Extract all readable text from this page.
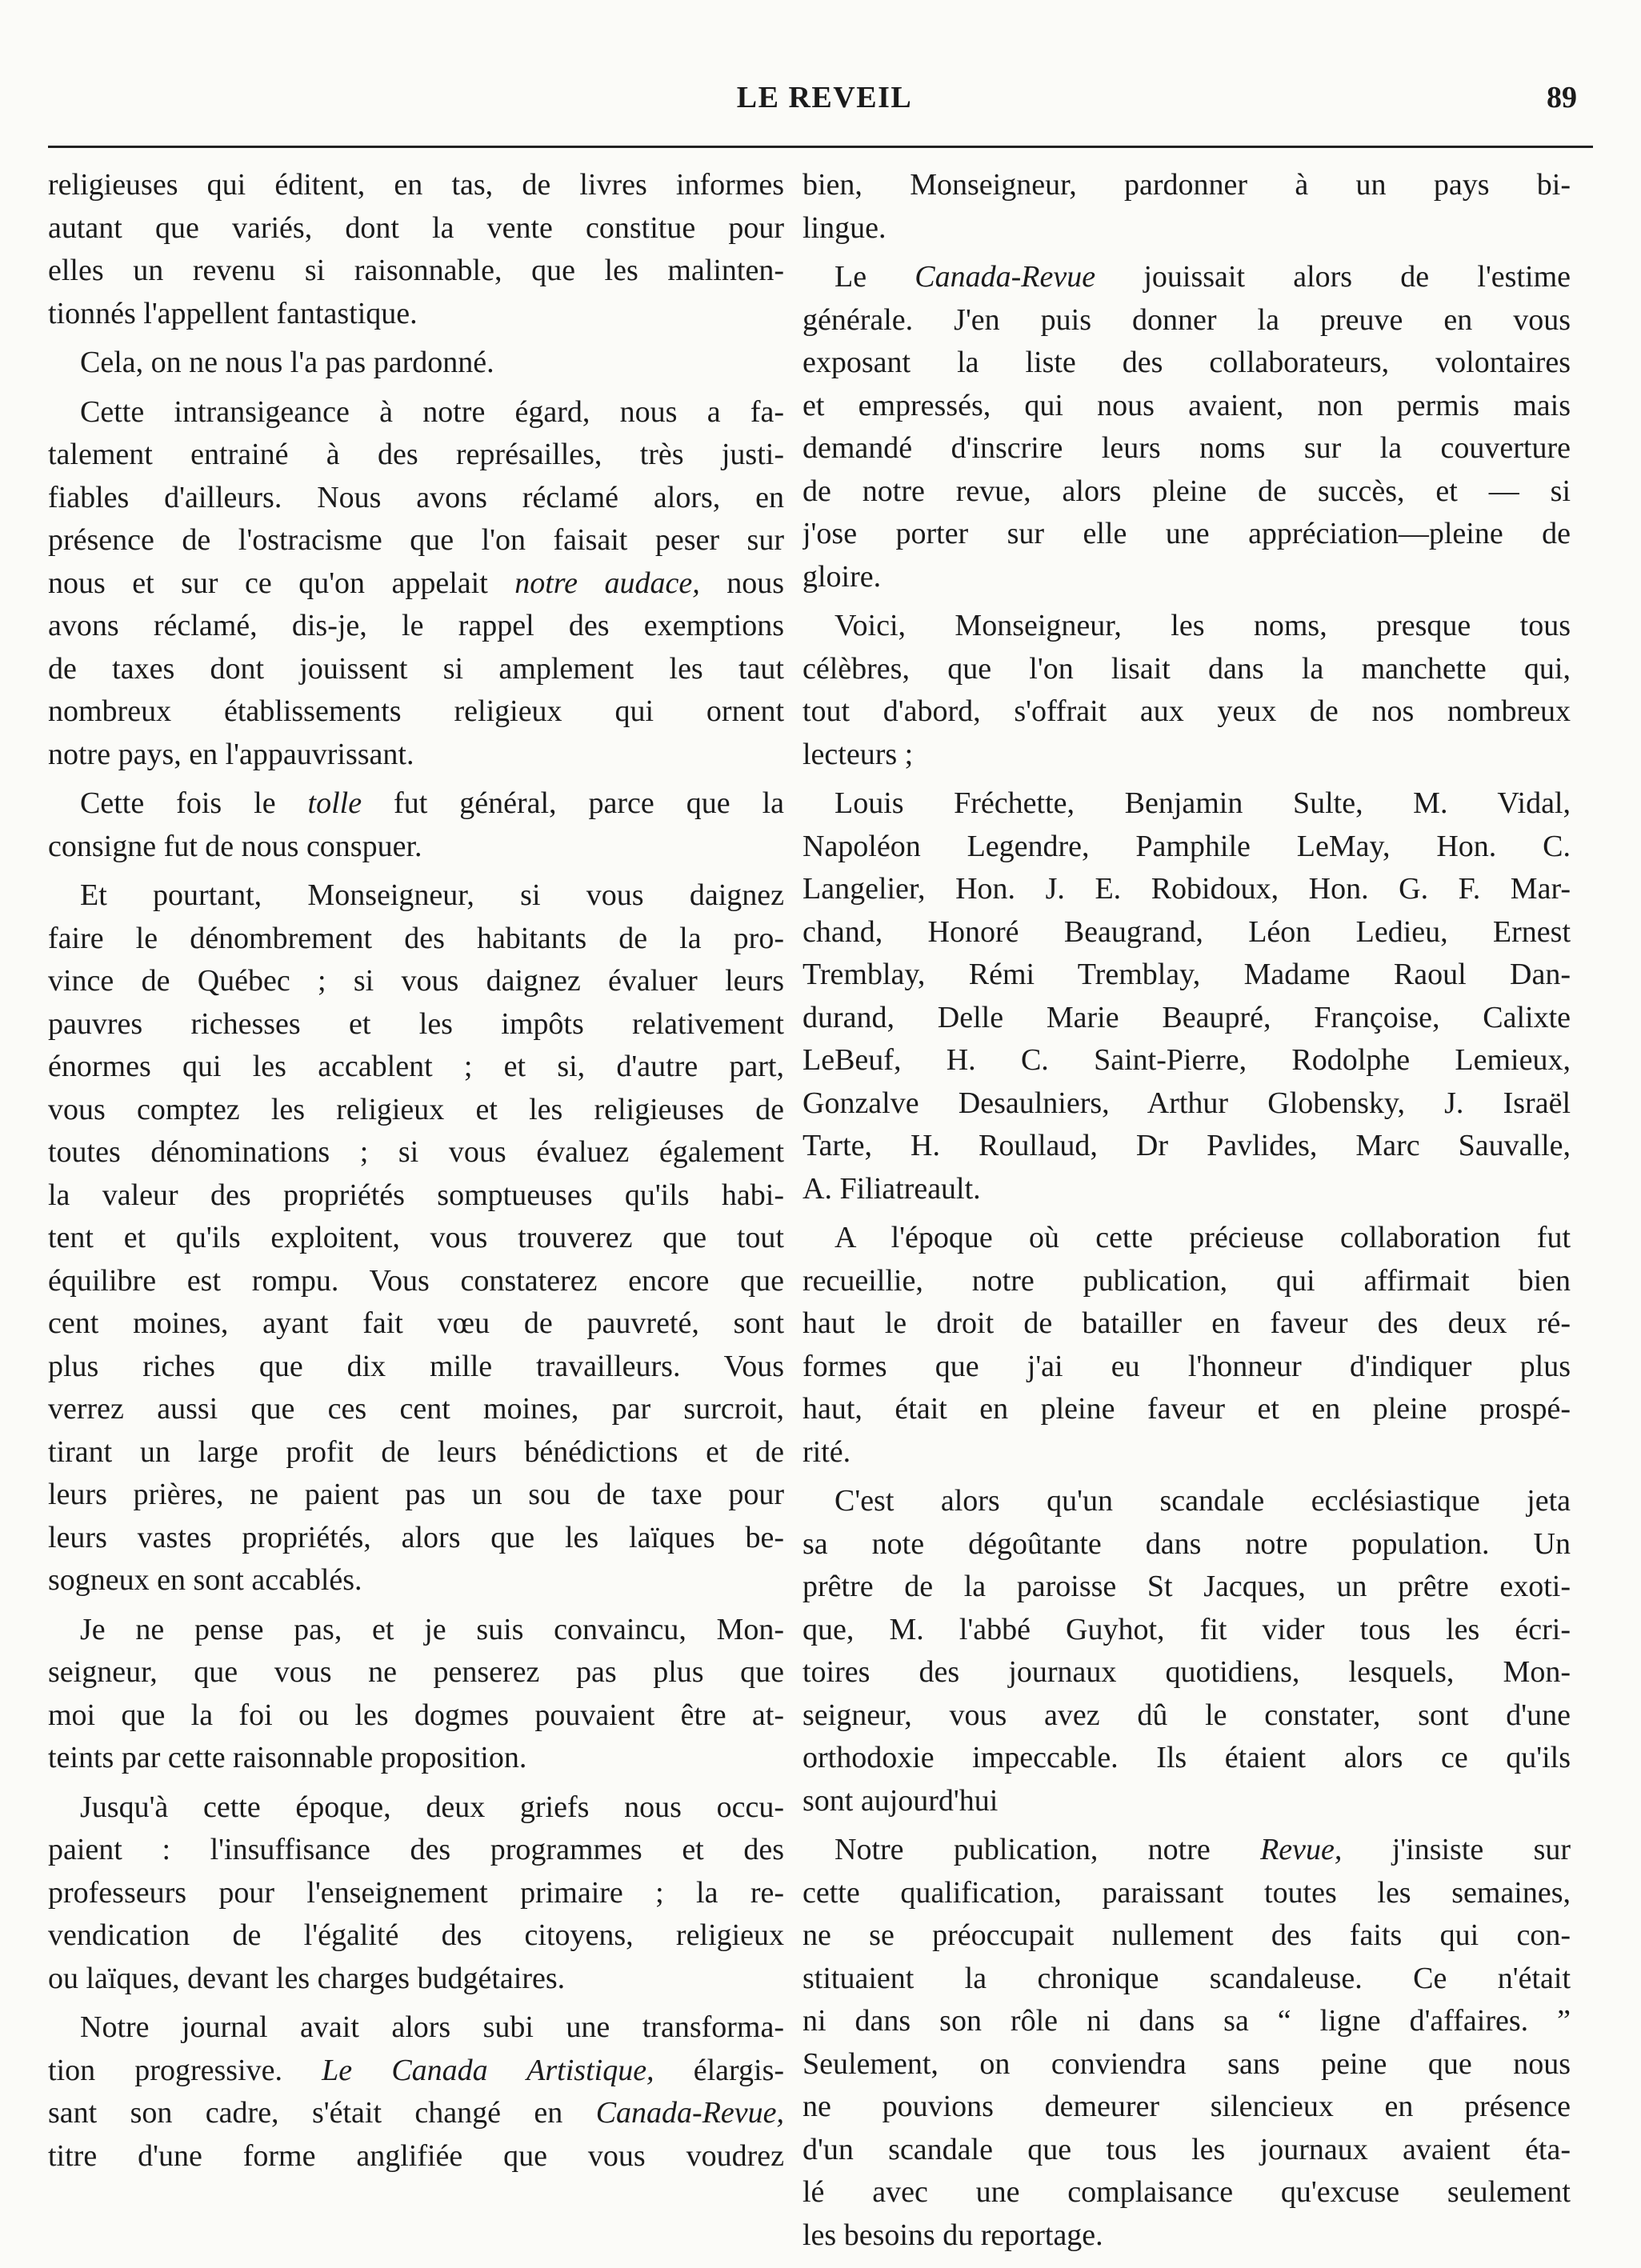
LE REVEIL	89
religieuses qui éditent, en tas, de livres informes
autant que variés, dont la vente constitue pour
elles un revenu si raisonnable, que les malinten-
tionnés l'appellent fantastique.
Cela, on ne nous l'a pas pardonné.
Cette intransigeance à notre égard, nous a fa-
talement entrainé à des représailles, très justi-
fiables d'ailleurs. Nous avons réclamé alors, en
présence de l'ostracisme que l'on faisait peser sur
nous et sur ce qu'on appelait notre audace, nous
avons réclamé, dis-je, le rappel des exemptions
de taxes dont jouissent si amplement les taut
nombreux établissements religieux qui ornent
notre pays, en l'appauvrissant.
Cette fois le tolle fut général, parce que la
consigne fut de nous conspuer.
Et pourtant, Monseigneur, si vous daignez
faire le dénombrement des habitants de la pro-
vince de Québec ; si vous daignez évaluer leurs
pauvres richesses et les impôts relativement
énormes qui les accablent ; et si, d'autre part,
vous comptez les religieux et les religieuses de
toutes dénominations ; si vous évaluez également
la valeur des propriétés somptueuses qu'ils habi-
tent et qu'ils exploitent, vous trouverez que tout
équilibre est rompu. Vous constaterez encore que
cent moines, ayant fait vœu de pauvreté, sont
plus riches que dix mille travailleurs. Vous
verrez aussi que ces cent moines, par surcroit,
tirant un large profit de leurs bénédictions et de
leurs prières, ne paient pas un sou de taxe pour
leurs vastes propriétés, alors que les laïques be-
sogneux en sont accablés.
Je ne pense pas, et je suis convaincu, Mon-
seigneur, que vous ne penserez pas plus que
moi que la foi ou les dogmes pouvaient être at-
teints par cette raisonnable proposition.
Jusqu'à cette époque, deux griefs nous occu-
paient : l'insuffisance des programmes et des
professeurs pour l'enseignement primaire ; la re-
vendication de l'égalité des citoyens, religieux
ou laïques, devant les charges budgétaires.
Notre journal avait alors subi une transforma-
tion progressive. Le Canada Artistique, élargis-
sant son cadre, s'était changé en Canada-Revue,
titre d'une forme anglifiée que vous voudrez
bien, Monseigneur, pardonner à un pays bi-
lingue.
Le Canada-Revue jouissait alors de l'estime
générale. J'en puis donner la preuve en vous
exposant la liste des collaborateurs, volontaires
et empressés, qui nous avaient, non permis mais
demandé d'inscrire leurs noms sur la couverture
de notre revue, alors pleine de succès, et — si
j'ose porter sur elle une appréciation—pleine de
gloire.
Voici, Monseigneur, les noms, presque tous
célèbres, que l'on lisait dans la manchette qui,
tout d'abord, s'offrait aux yeux de nos nombreux
lecteurs ;
Louis Fréchette, Benjamin Sulte, M. Vidal,
Napoléon Legendre, Pamphile LeMay, Hon. C.
Langelier, Hon. J. E. Robidoux, Hon. G. F. Mar-
chand, Honoré Beaugrand, Léon Ledieu, Ernest
Tremblay, Rémi Tremblay, Madame Raoul Dan-
durand, Delle Marie Beaupré, Françoise, Calixte
LeBeuf, H. C. Saint-Pierre, Rodolphe Lemieux,
Gonzalve Desaulniers, Arthur Globensky, J. Israël
Tarte, H. Roullaud, Dr Pavlides, Marc Sauvalle,
A. Filiatreault.
A l'époque où cette précieuse collaboration fut
recueillie, notre publication, qui affirmait bien
haut le droit de batailler en faveur des deux ré-
formes que j'ai eu l'honneur d'indiquer plus
haut, était en pleine faveur et en pleine prospé-
rité.
C'est alors qu'un scandale ecclésiastique jeta
sa note dégoûtante dans notre population. Un
prêtre de la paroisse St Jacques, un prêtre exoti-
que, M. l'abbé Guyhot, fit vider tous les écri-
toires des journaux quotidiens, lesquels, Mon-
seigneur, vous avez dû le constater, sont d'une
orthodoxie impeccable. Ils étaient alors ce qu'ils
sont aujourd'hui
Notre publication, notre Revue, j'insiste sur
cette qualification, paraissant toutes les semaines,
ne se préoccupait nullement des faits qui con-
stituaient la chronique scandaleuse. Ce n'était
ni dans son rôle ni dans sa “ ligne d'affaires. ”
Seulement, on conviendra sans peine que nous
ne pouvions demeurer silencieux en présence
d'un scandale que tous les journaux avaient éta-
lé avec une complaisance qu'excuse seulement
les besoins du reportage.
